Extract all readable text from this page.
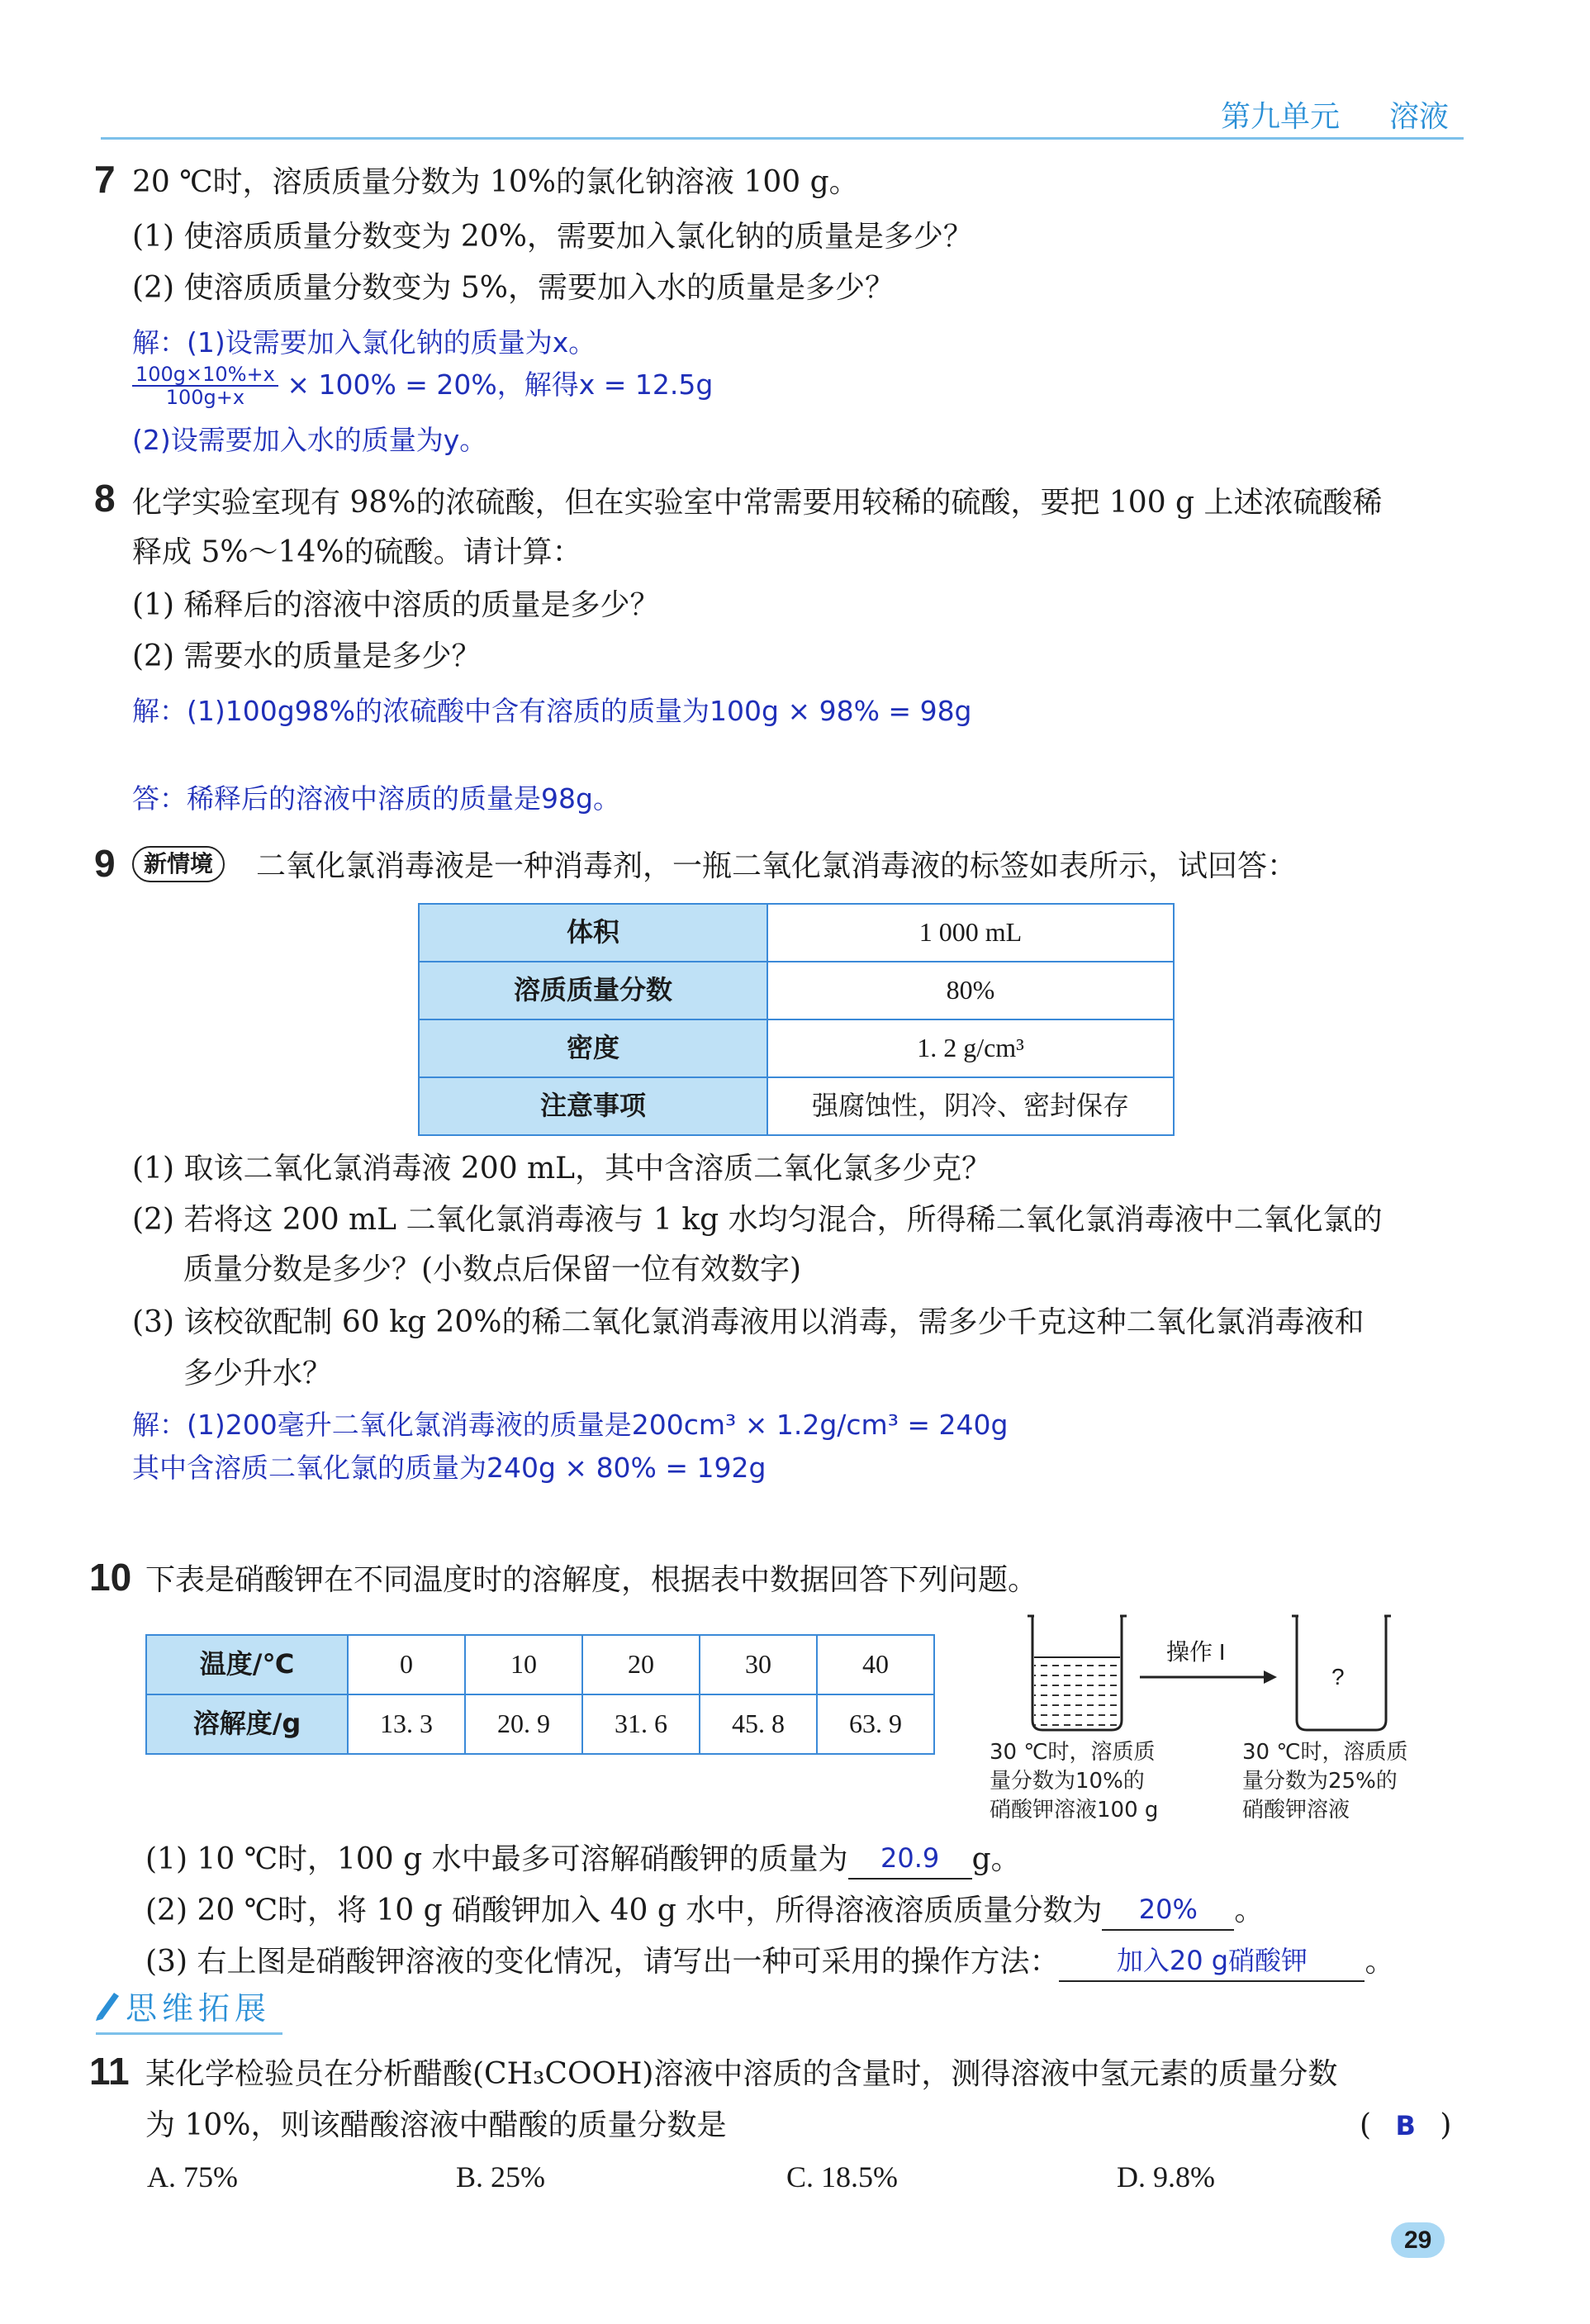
第九单元 溶液
7 20 ℃时，溶质质量分数为 10%的氯化钠溶液 100 g。
(1) 使溶质质量分数变为 20%，需要加入氯化钠的质量是多少？
(2) 使溶质质量分数变为 5%，需要加入水的质量是多少？
解：(1)设需要加入氯化钠的质量为x。
$\frac{100g\times 10\%+x}{100g+x} \times 100\% = 20\%$，解得x = 12.5g
(2)设需要加入水的质量为y。
8 化学实验室现有 98%的浓硫酸，但在实验室中常需要用较稀的硫酸，要把 100 g 上述浓硫酸稀
释成 5%～14%的硫酸。请计算：
(1) 稀释后的溶液中溶质的质量是多少？
(2) 需要水的质量是多少？
解：(1)100g98%的浓硫酸中含有溶质的质量为100g × 98% = 98g
答：稀释后的溶液中溶质的质量是98g。
9	新情境	二氧化氯消毒液是一种消毒剂，一瓶二氧化氯消毒液的标签如表所示，试回答：
体积	1 000 mL
溶质质量分数	80%
密度	1. 2 g/cm³
注意事项	强腐蚀性，阴冷、密封保存
(1) 取该二氧化氯消毒液 200 mL，其中含溶质二氧化氯多少克？
(2) 若将这 200 mL 二氧化氯消毒液与 1 kg 水均匀混合，所得稀二氧化氯消毒液中二氧化氯的
质量分数是多少？(小数点后保留一位有效数字)
(3) 该校欲配制 60 kg 20%的稀二氧化氯消毒液用以消毒，需多少千克这种二氧化氯消毒液和
多少升水？
解：(1)200毫升二氧化氯消毒液的质量是200cm³ × 1.2g/cm³ = 240g
其中含溶质二氧化氯的质量为240g × 80% = 192g
10 下表是硝酸钾在不同温度时的溶解度，根据表中数据回答下列问题。
温度/℃	0	10	20	30	40
溶解度/g	13. 3	20. 9	31. 6	45. 8	63. 9
操作 I
?
30 ℃时，溶质质
量分数为10%的
硝酸钾溶液100 g
30 ℃时，溶质质
量分数为25%的
硝酸钾溶液
(1) 10 ℃时，100 g 水中最多可溶解硝酸钾的质量为 20.9 g。
(2) 20 ℃时，将 10 g 硝酸钾加入 40 g 水中，所得溶液溶质质量分数为 20% 。
(3) 右上图是硝酸钾溶液的变化情况，请写出一种可采用的操作方法： 加入20 g硝酸钾 。
思维拓展
11 某化学检验员在分析醋酸(CH₃COOH)溶液中溶质的含量时，测得溶液中氢元素的质量分数
为 10%，则该醋酸溶液中醋酸的质量分数是	( B )
A. 75%	B. 25%	C. 18.5%	D. 9.8%
29
